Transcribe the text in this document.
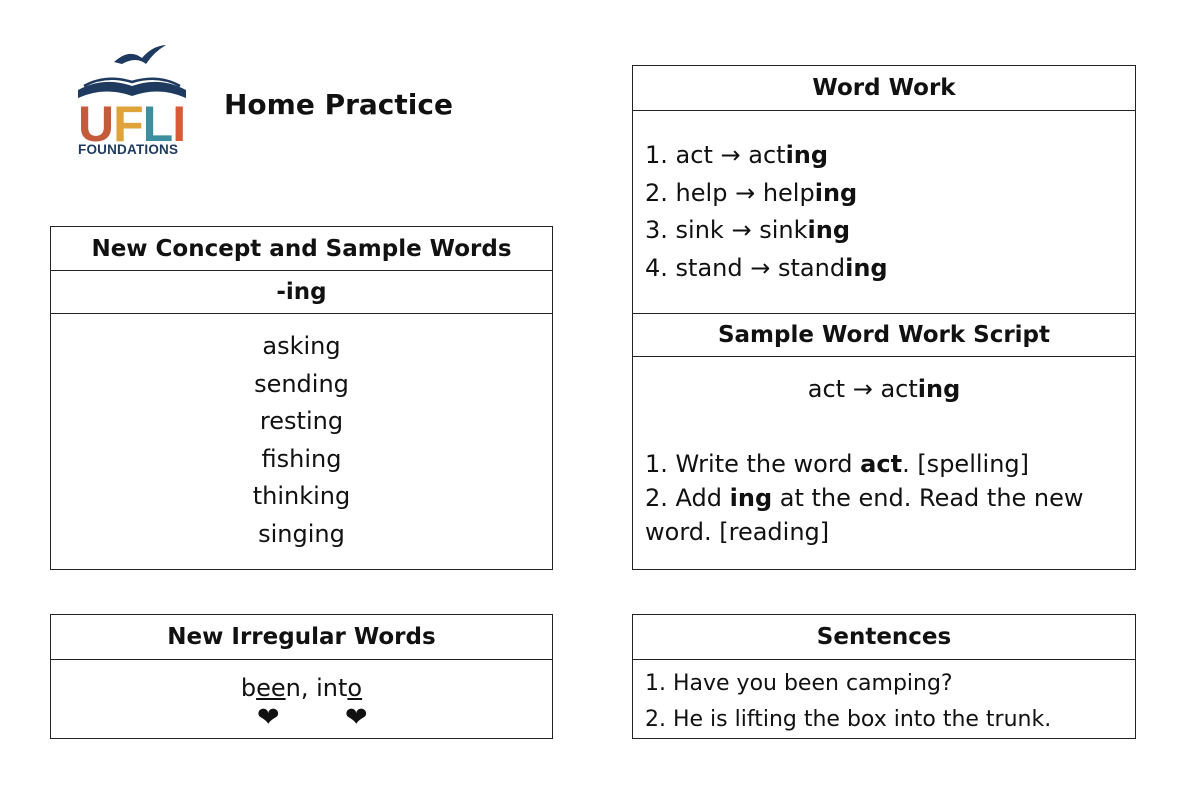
UFLI
FOUNDATIONS
Home Practice
New Concept and Sample Words
-ing
asking
sending
resting
fishing
thinking
singing
New Irregular Words
been, into
❤ ❤
Word Work
1. act → acting
2. help → helping
3. sink → sinking
4. stand → standing
Sample Word Work Script
act → acting
1. Write the word act. [spelling]
2. Add ing at the end. Read the new word. [reading]
Sentences
1. Have you been camping?
2. He is lifting the box into the trunk.
